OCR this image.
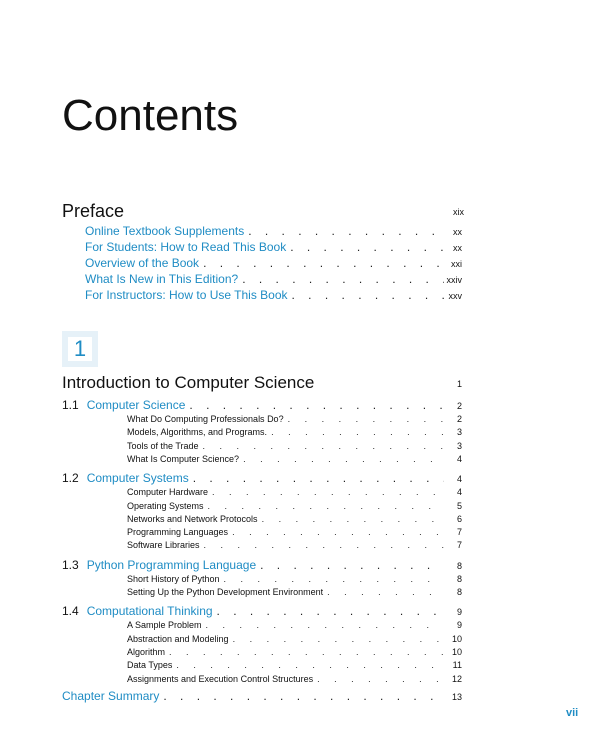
Contents
Preface	xix
Online Textbook Supplements . . .	xx
For Students: How to Read This Book . . .	xx
Overview of the Book . . .	xxi
What Is New in This Edition? . . .	xxiv
For Instructors: How to Use This Book . . .	xxv
1
Introduction to Computer Science	1
1.1 Computer Science . . .	2
What Do Computing Professionals Do? . . .	2
Models, Algorithms, and Programs. . . .	3
Tools of the Trade . . .	3
What Is Computer Science? . . .	4
1.2 Computer Systems . . .	4
Computer Hardware . . .	4
Operating Systems . . .	5
Networks and Network Protocols . . .	6
Programming Languages . . .	7
Software Libraries . . .	7
1.3 Python Programming Language . . .	8
Short History of Python . . .	8
Setting Up the Python Development Environment . . .	8
1.4 Computational Thinking . . .	9
A Sample Problem . . .	9
Abstraction and Modeling . . .	10
Algorithm . . .	10
Data Types . . .	11
Assignments and Execution Control Structures . . .	12
Chapter Summary . . .	13
vii
